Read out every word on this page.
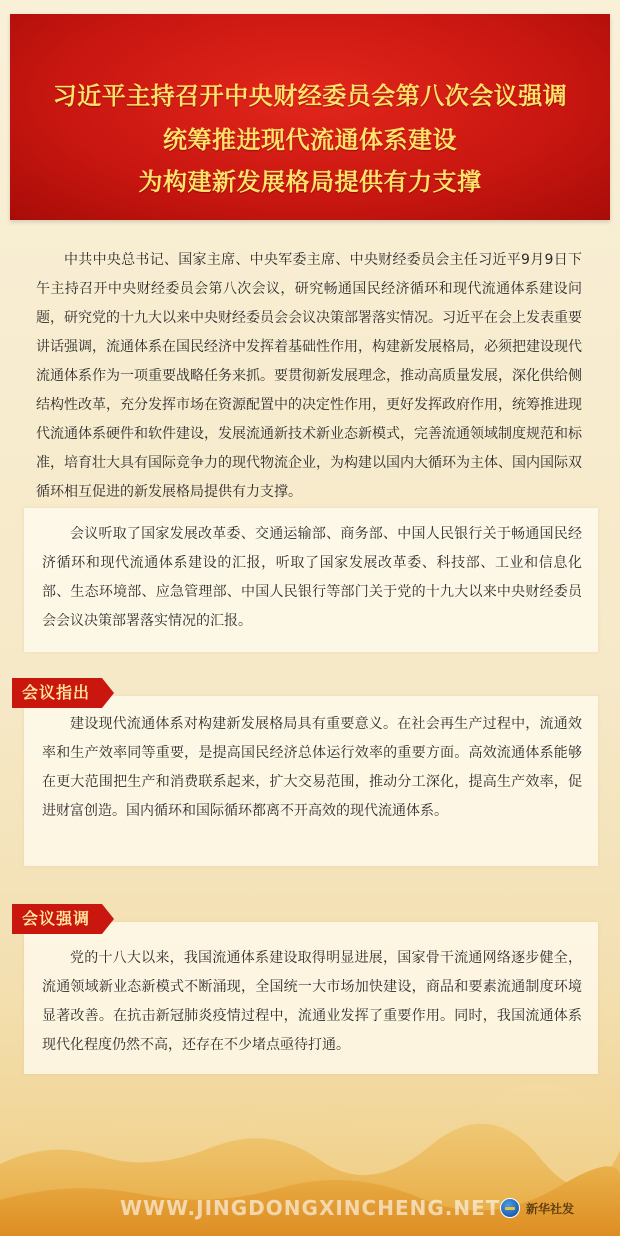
习近平主持召开中央财经委员会第八次会议强调
统筹推进现代流通体系建设
为构建新发展格局提供有力支撑

中共中央总书记、国家主席、中央军委主席、中央财经委员会主任习近平9月9日下午主持召开中央财经委员会第八次会议，研究畅通国民经济循环和现代流通体系建设问题，研究党的十九大以来中央财经委员会会议决策部署落实情况。习近平在会上发表重要讲话强调，流通体系在国民经济中发挥着基础性作用，构建新发展格局，必须把建设现代流通体系作为一项重要战略任务来抓。要贯彻新发展理念，推动高质量发展，深化供给侧结构性改革，充分发挥市场在资源配置中的决定性作用，更好发挥政府作用，统筹推进现代流通体系硬件和软件建设，发展流通新技术新业态新模式，完善流通领域制度规范和标准，培育壮大具有国际竞争力的现代物流企业，为构建以国内大循环为主体、国内国际双循环相互促进的新发展格局提供有力支撑。

会议听取了国家发展改革委、交通运输部、商务部、中国人民银行关于畅通国民经济循环和现代流通体系建设的汇报，听取了国家发展改革委、科技部、工业和信息化部、生态环境部、应急管理部、中国人民银行等部门关于党的十九大以来中央财经委员会会议决策部署落实情况的汇报。

建设现代流通体系对构建新发展格局具有重要意义。在社会再生产过程中，流通效率和生产效率同等重要，是提高国民经济总体运行效率的重要方面。高效流通体系能够在更大范围把生产和消费联系起来，扩大交易范围，推动分工深化，提高生产效率，促进财富创造。国内循环和国际循环都离不开高效的现代流通体系。

会议指出

党的十八大以来，我国流通体系建设取得明显进展，国家骨干流通网络逐步健全，流通领域新业态新模式不断涌现，全国统一大市场加快建设，商品和要素流通制度环境显著改善。在抗击新冠肺炎疫情过程中，流通业发挥了重要作用。同时，我国流通体系现代化程度仍然不高，还存在不少堵点亟待打通。

会议强调
WWW.JINGDONGXINCHENG.NET 新华社发
